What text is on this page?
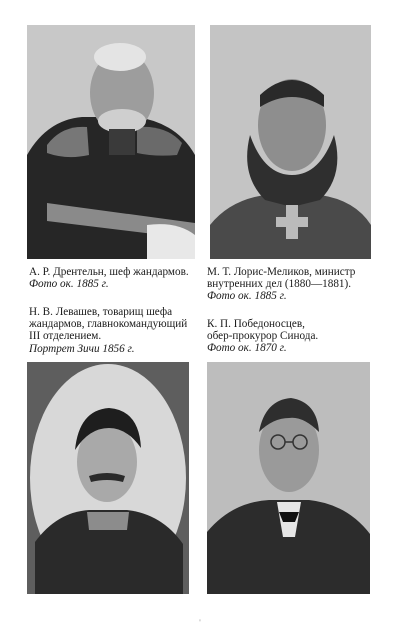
А. Р. Дрентельн, шеф жандармов.
Фото ок. 1885 г.
М. Т. Лорис-Меликов, министр
внутренних дел (1880—1881).
Фото ок. 1885 г.
Н. В. Левашев, товарищ шефа
жандармов, главнокомандующий
III отделением.
Портрет Зичи 1856 г.
К. П. Победоносцев,
обер-прокурор Синода.
Фото ок. 1870 г.
'
